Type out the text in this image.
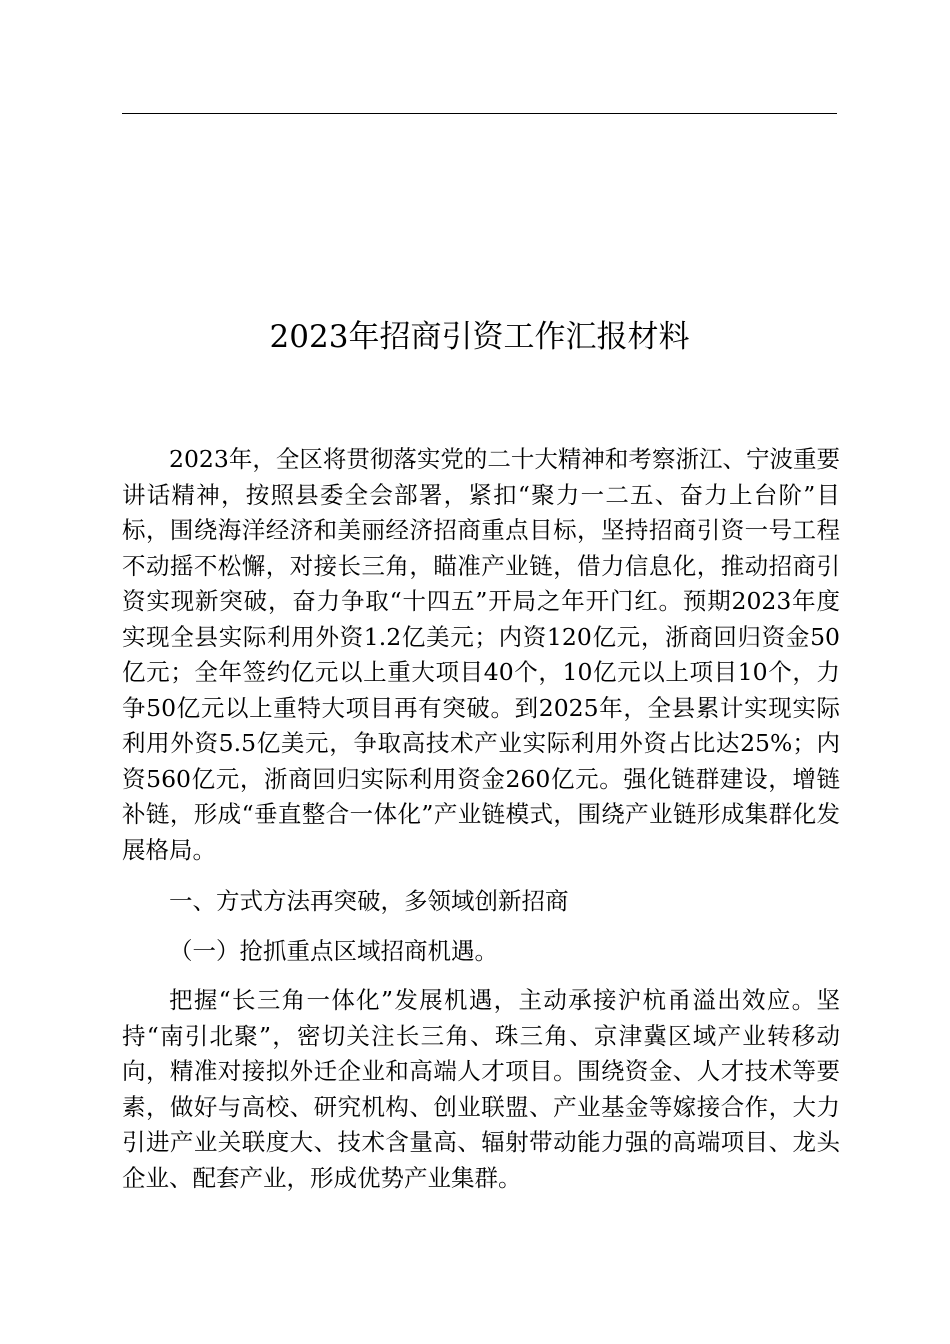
2023年招商引资工作汇报材料

2023年，全区将贯彻落实党的二十大精神和考察浙江、宁波重要讲话精神，按照县委全会部署，紧扣“聚力一二五、奋力上台阶”目标，围绕海洋经济和美丽经济招商重点目标，坚持招商引资一号工程不动摇不松懈，对接长三角，瞄准产业链，借力信息化，推动招商引资实现新突破，奋力争取“十四五”开局之年开门红。预期2023年度实现全县实际利用外资1.2亿美元；内资120亿元，浙商回归资金50亿元；全年签约亿元以上重大项目40个，10亿元以上项目10个，力争50亿元以上重特大项目再有突破。到2025年，全县累计实现实际利用外资5.5亿美元，争取高技术产业实际利用外资占比达25%；内资560亿元，浙商回归实际利用资金260亿元。强化链群建设，增链补链，形成“垂直整合一体化”产业链模式，围绕产业链形成集群化发展格局。

一、方式方法再突破，多领域创新招商

（一）抢抓重点区域招商机遇。

把握“长三角一体化”发展机遇，主动承接沪杭甬溢出效应。坚持“南引北聚”，密切关注长三角、珠三角、京津冀区域产业转移动向，精准对接拟外迁企业和高端人才项目。围绕资金、人才技术等要素，做好与高校、研究机构、创业联盟、产业基金等嫁接合作，大力引进产业关联度大、技术含量高、辐射带动能力强的高端项目、龙头企业、配套产业，形成优势产业集群。
